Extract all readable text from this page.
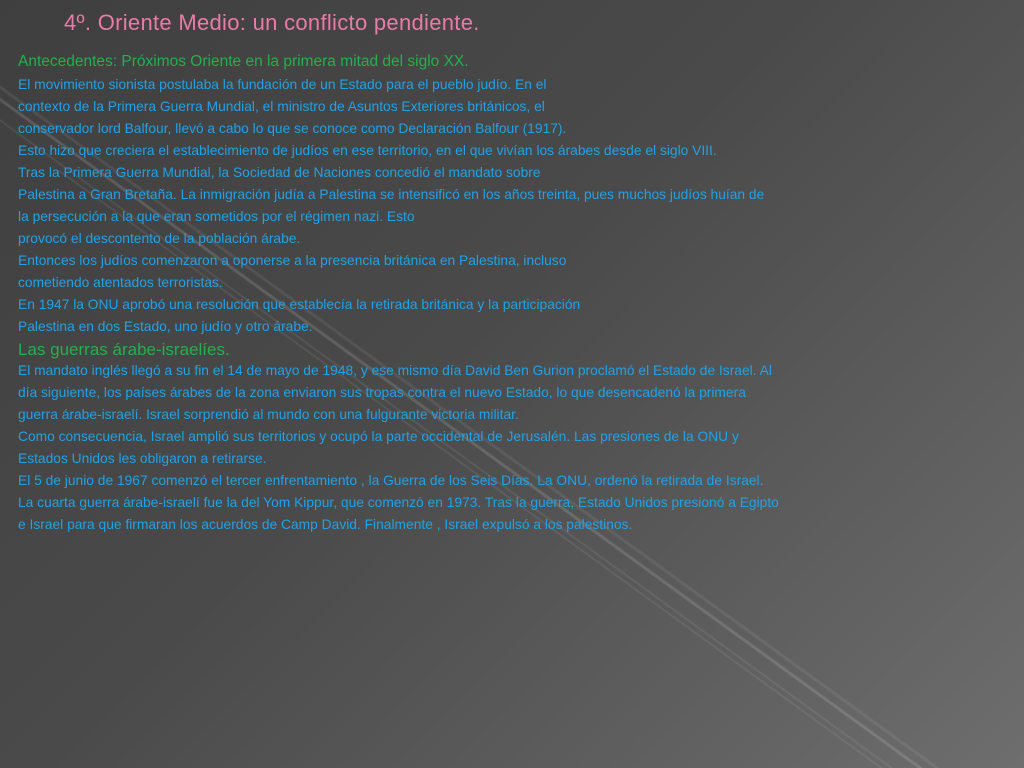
4º. Oriente Medio: un conflicto pendiente.
Antecedentes: Próximos Oriente en la primera mitad del siglo XX.
El movimiento sionista postulaba la fundación de un Estado para el pueblo judío. En el
contexto de la Primera Guerra Mundial, el ministro de Asuntos Exteriores británicos, el
conservador lord Balfour, llevó a cabo lo que se conoce como Declaración Balfour (1917).
Esto hizo que creciera el establecimiento de judíos en ese territorio, en el que vivían los árabes desde el siglo VIII.
Tras la Primera Guerra Mundial, la Sociedad de Naciones concedió el mandato sobre
Palestina a Gran Bretaña. La inmigración judía a Palestina se intensificó en los años treinta, pues muchos judíos huían de
la persecución a la que eran sometidos por el régimen nazi. Esto
provocó el descontento de la población árabe.
Entonces los judíos comenzaron a oponerse a la presencia británica en Palestina, incluso
cometiendo atentados terroristas.
En 1947 la ONU aprobó una resolución que establecía la retirada británica y la participación
Palestina en dos Estado, uno judío y otro árabe.
Las guerras árabe-israelíes.
El mandato inglés llegó a su fin el 14 de mayo de 1948, y ese mismo día David Ben Gurion proclamó el Estado de Israel. Al
día siguiente, los países árabes de la zona enviaron sus tropas contra el nuevo Estado, lo que desencadenó la primera
guerra árabe-israelí. Israel sorprendió al mundo con una fulgurante victoria militar.
Como consecuencia, Israel amplió sus territorios y ocupó la parte occidental de Jerusalén. Las presiones de la ONU y
Estados Unidos les obligaron a retirarse.
El 5 de junio de 1967 comenzó el tercer enfrentamiento , la Guerra de los Seis Días. La ONU, ordenó la retirada de Israel.
La cuarta guerra árabe-israelí fue la del Yom Kippur, que comenzó en 1973. Tras la guerra, Estado Unidos presionó a Egipto
e Israel para que firmaran los acuerdos de Camp David. Finalmente , Israel expulsó a los palestinos.
